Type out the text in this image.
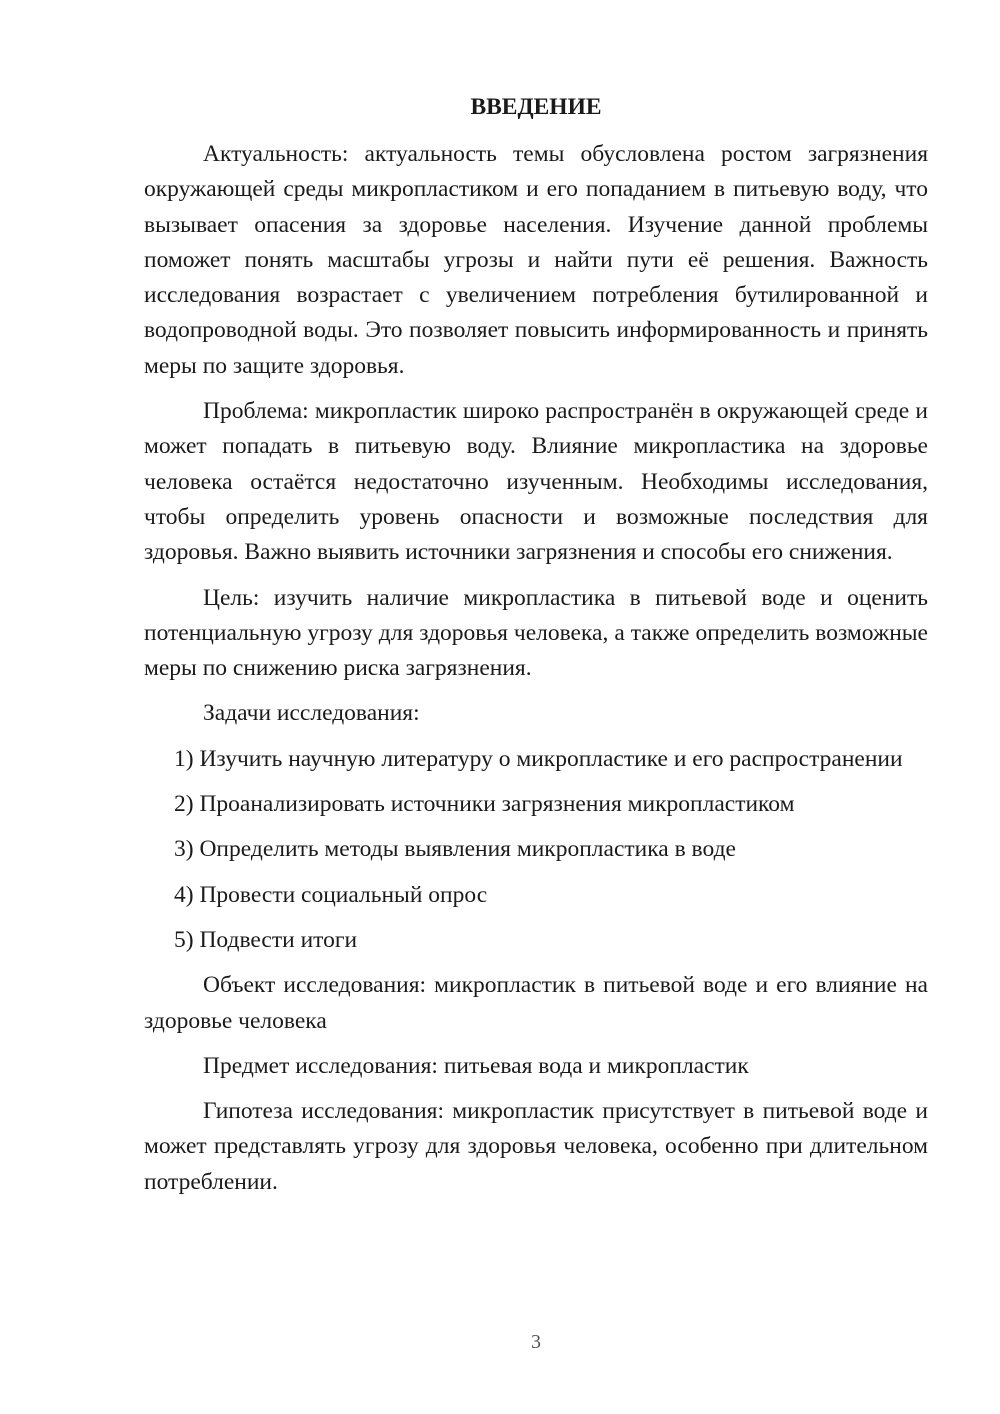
ВВЕДЕНИЕ

Актуальность: актуальность темы обусловлена ростом загрязнения окружающей среды микропластиком и его попаданием в питьевую воду, что вызывает опасения за здоровье населения. Изучение данной проблемы поможет понять масштабы угрозы и найти пути её решения. Важность исследования возрастает с увеличением потребления бутилированной и водопроводной воды. Это позволяет повысить информированность и принять меры по защите здоровья.

Проблема: микропластик широко распространён в окружающей среде и может попадать в питьевую воду. Влияние микропластика на здоровье человека остаётся недостаточно изученным. Необходимы исследования, чтобы определить уровень опасности и возможные последствия для здоровья. Важно выявить источники загрязнения и способы его снижения.

Цель: изучить наличие микропластика в питьевой воде и оценить потенциальную угрозу для здоровья человека, а также определить возможные меры по снижению риска загрязнения.

Задачи исследования:

1) Изучить научную литературу о микропластике и его распространении

2) Проанализировать источники загрязнения микропластиком

3) Определить методы выявления микропластика в воде

4) Провести социальный опрос

5) Подвести итоги

Объект исследования: микропластик в питьевой воде и его влияние на здоровье человека

Предмет исследования: питьевая вода и микропластик

Гипотеза исследования: микропластик присутствует в питьевой воде и может представлять угрозу для здоровья человека, особенно при длительном потреблении.

3
